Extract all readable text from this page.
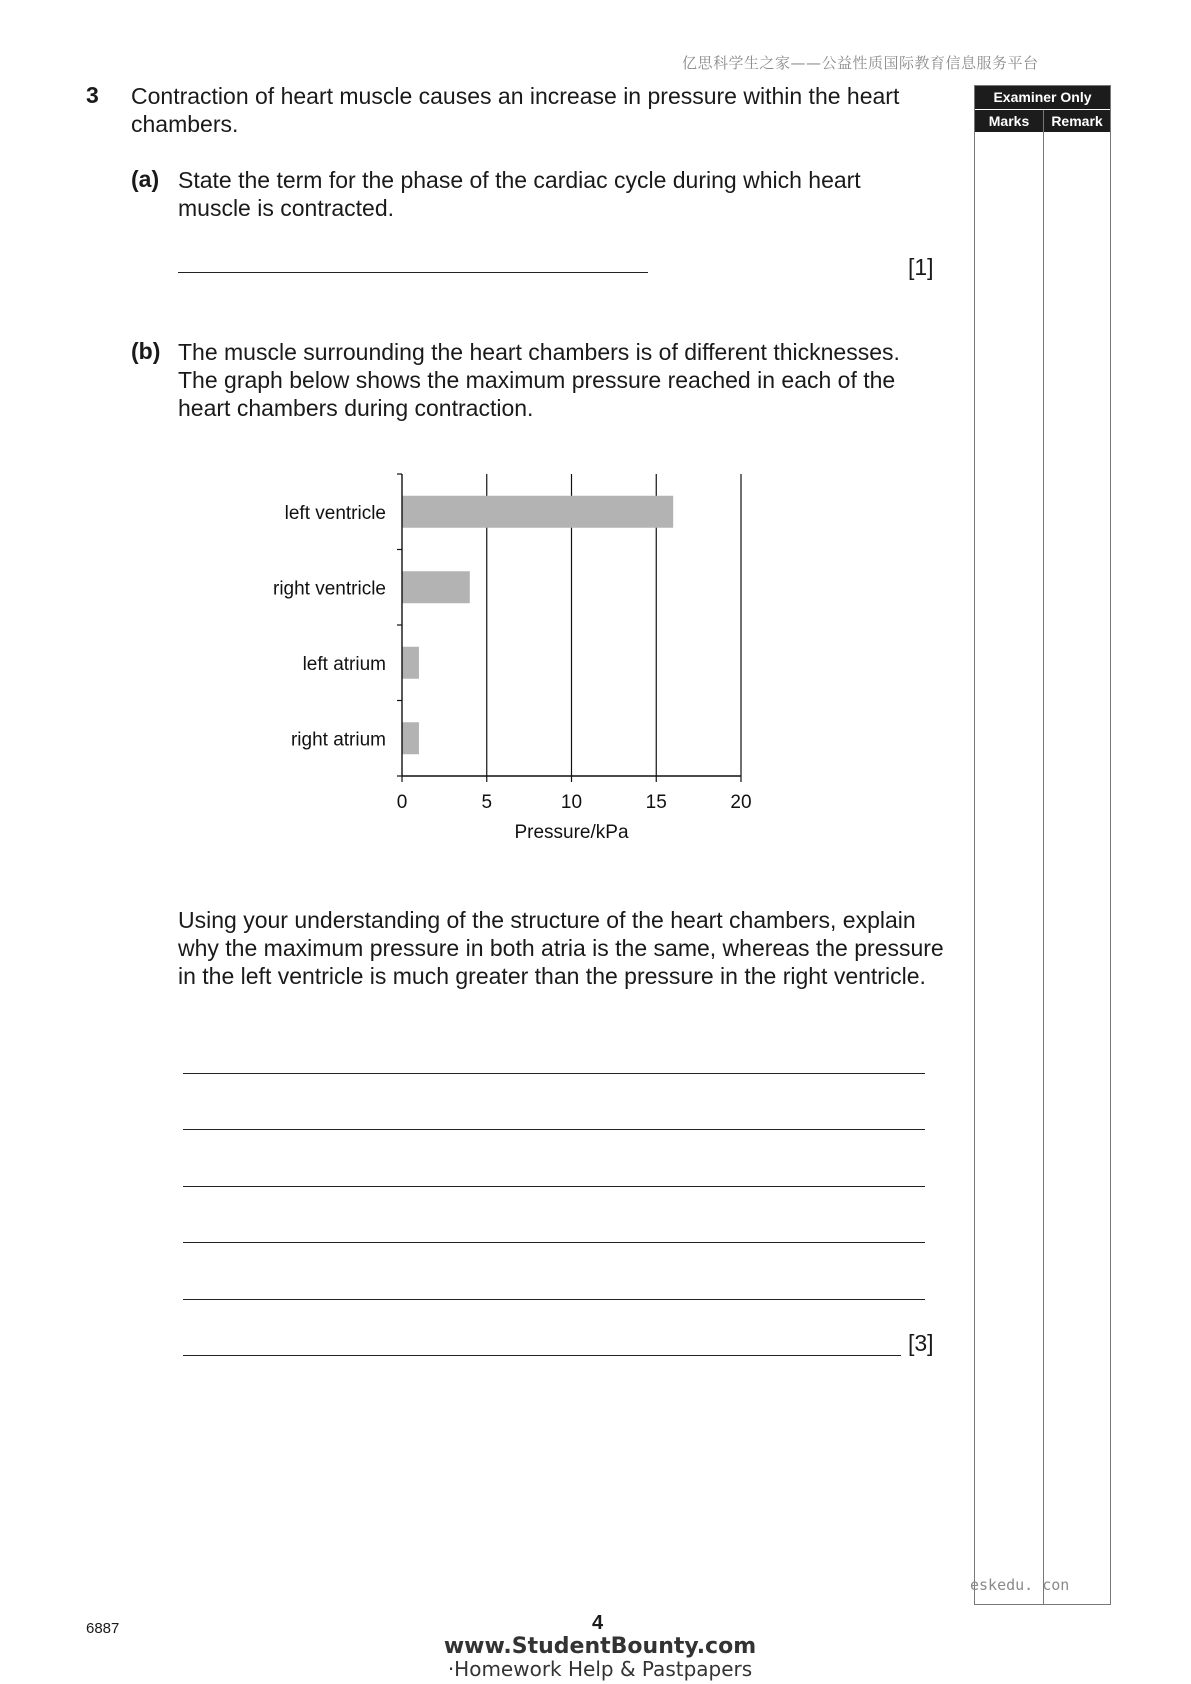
亿思科学生之家——公益性质国际教育信息服务平台
3 Contraction of heart muscle causes an increase in pressure within the heart chambers.
(a) State the term for the phase of the cardiac cycle during which heart muscle is contracted.
[1]
(b) The muscle surrounding the heart chambers is of different thicknesses. The graph below shows the maximum pressure reached in each of the heart chambers during contraction.
left ventricle
right ventricle
left atrium
right atrium
0	5	10	15	20
Pressure/kPa
Using your understanding of the structure of the heart chambers, explain why the maximum pressure in both atria is the same, whereas the pressure in the left ventricle is much greater than the pressure in the right ventricle.
[3]
Examiner Only
Marks	Remark
eskedu. con
6887	4
www.StudentBounty.com
·Homework Help & Pastpapers
